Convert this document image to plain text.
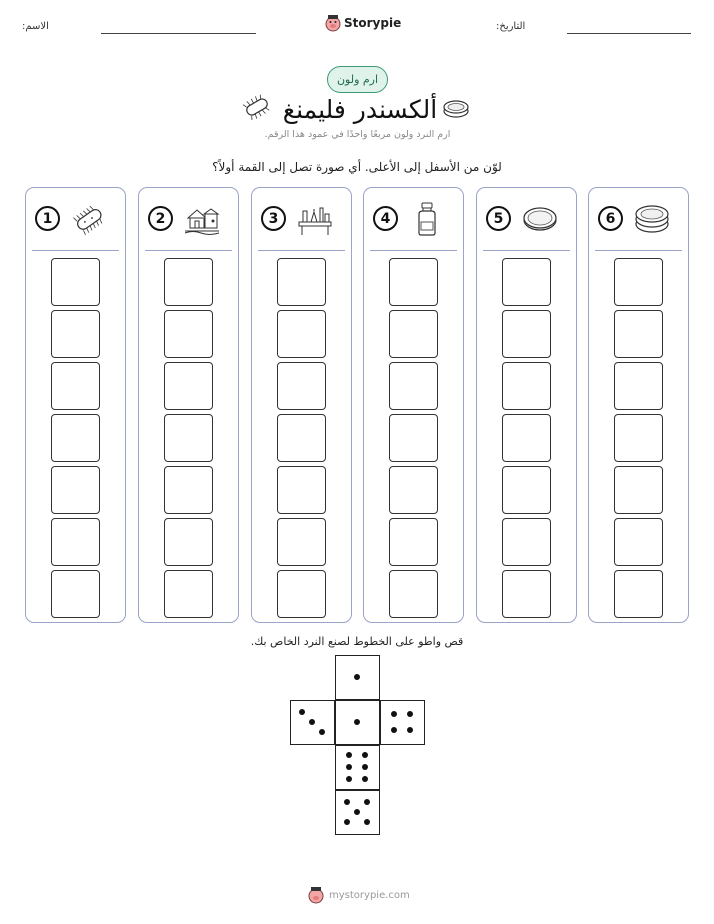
الاسم:	Storypie	التاريخ:
ارم ولون
ألكسندر فليمنغ
ارم النرد ولون مربعًا واحدًا في عمود هذا الرقم.
لوّن من الأسفل إلى الأعلى. أي صورة تصل إلى القمة أولاً؟
1	2	3	4	5	6
قص واطو على الخطوط لصنع النرد الخاص بك.
mystorypie.com
